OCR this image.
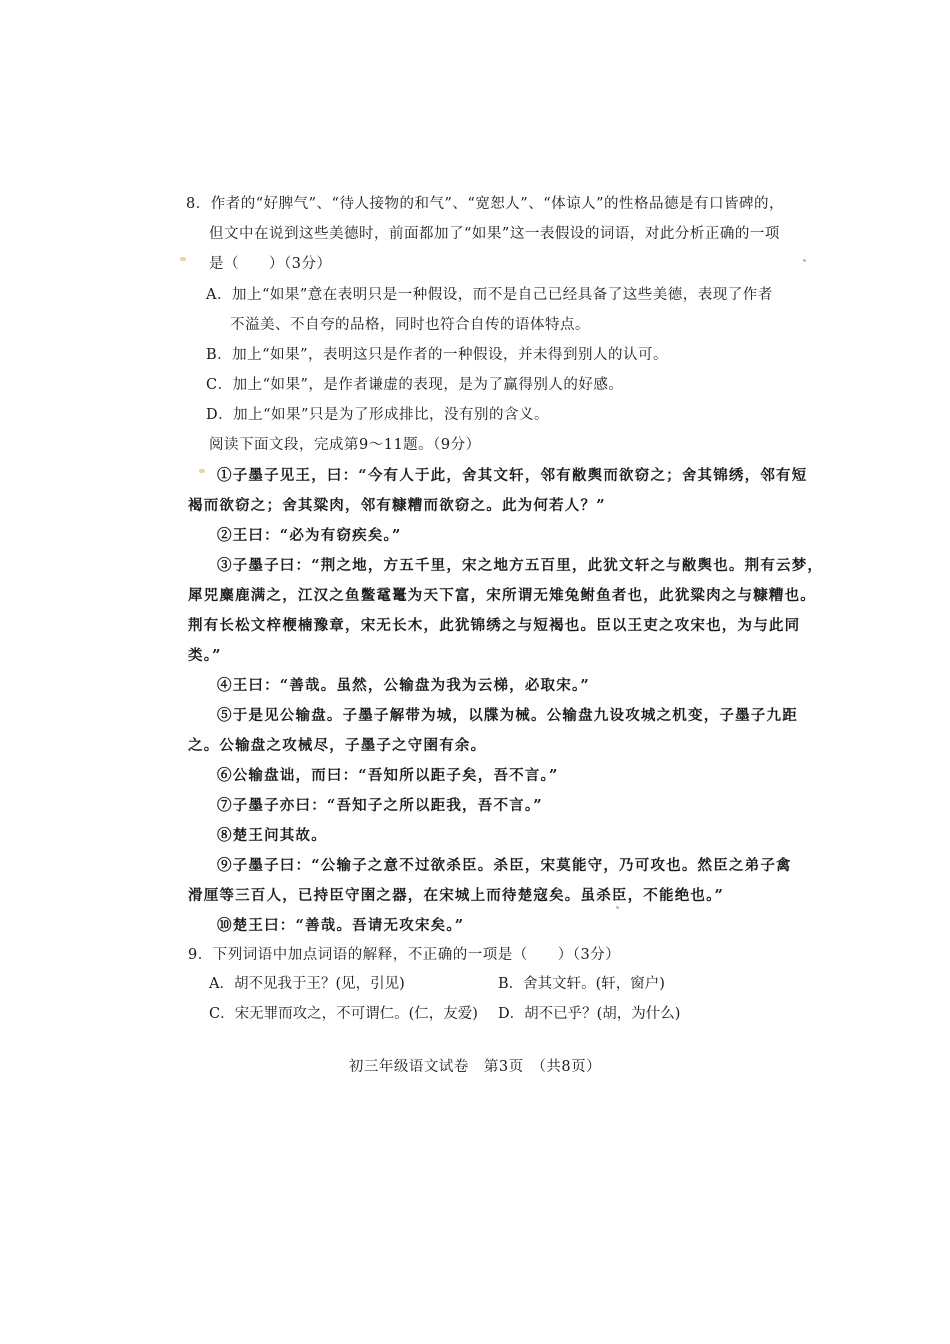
8．作者的“好脾气”、“待人接物的和气”、“宽恕人”、“体谅人”的性格品德是有口皆碑的，
但文中在说到这些美德时，前面都加了“如果”这一表假设的词语，对此分析正确的一项
是（　　）（3分）
A．加上“如果”意在表明只是一种假设，而不是自己已经具备了这些美德，表现了作者
不溢美、不自夸的品格，同时也符合自传的语体特点。
B．加上“如果”，表明这只是作者的一种假设，并未得到别人的认可。
C．加上“如果”，是作者谦虚的表现，是为了赢得别人的好感。
D．加上“如果”只是为了形成排比，没有别的含义。
阅读下面文段，完成第9～11题。（9分）
①子墨子见王，曰：“今有人于此，舍其文轩，邻有敝舆而欲窃之；舍其锦绣，邻有短
褐而欲窃之；舍其粱肉，邻有糠糟而欲窃之。此为何若人？”
②王曰：“必为有窃疾矣。”
③子墨子曰：“荆之地，方五千里，宋之地方五百里，此犹文轩之与敝舆也。荆有云梦，
犀兕麋鹿满之，江汉之鱼鳖鼋鼍为天下富，宋所谓无雉兔鲋鱼者也，此犹粱肉之与糠糟也。
荆有长松文梓楩楠豫章，宋无长木，此犹锦绣之与短褐也。臣以王吏之攻宋也，为与此同
类。”
④王曰：“善哉。虽然，公输盘为我为云梯，必取宋。”
⑤于是见公输盘。子墨子解带为城，以牒为械。公输盘九设攻城之机变，子墨子九距
之。公输盘之攻械尽，子墨子之守圉有余。
⑥公输盘诎，而曰：“吾知所以距子矣，吾不言。”
⑦子墨子亦曰：“吾知子之所以距我，吾不言。”
⑧楚王问其故。
⑨子墨子曰：“公输子之意不过欲杀臣。杀臣，宋莫能守，乃可攻也。然臣之弟子禽
滑厘等三百人，已持臣守圉之器，在宋城上而待楚寇矣。虽杀臣，不能绝也。”
⑩楚王曰：“善哉。吾请无攻宋矣。”
9．下列词语中加点词语的解释，不正确的一项是（　　）（3分）
A．胡不见我于王？(见，引见)	B．舍其文轩。(轩，窗户)
C．宋无罪而攻之，不可谓仁。(仁，友爱) D．胡不已乎？(胡，为什么)
初三年级语文试卷　第3页　（共8页）
